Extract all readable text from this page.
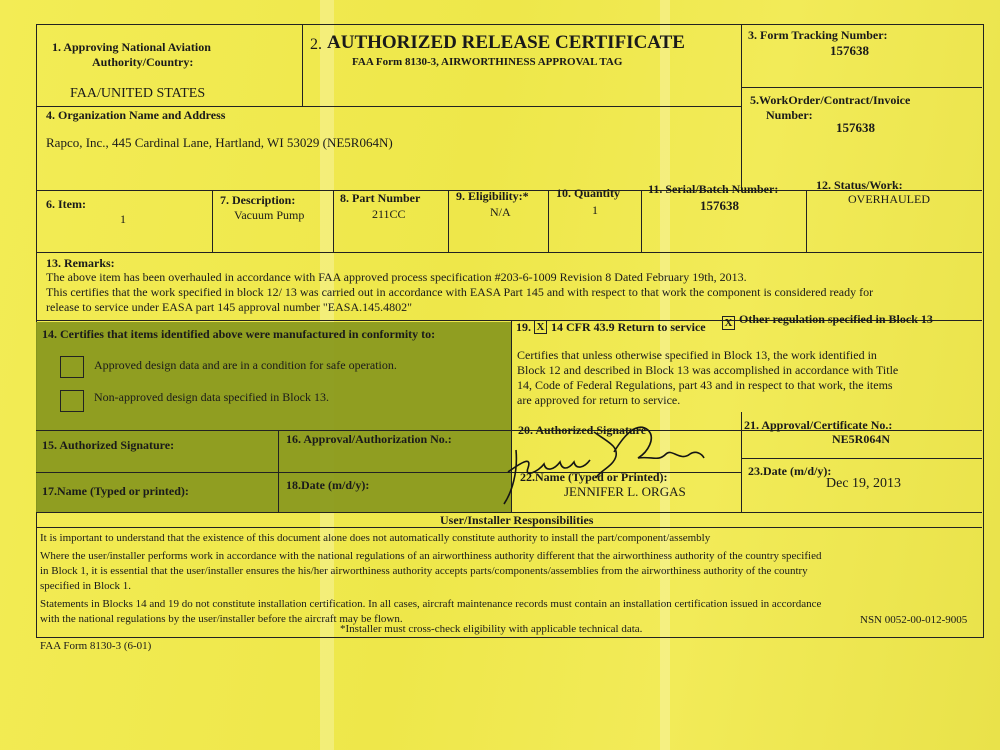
1. Approving National Aviation
Authority/Country:
FAA/UNITED STATES
2. AUTHORIZED RELEASE CERTIFICATE
FAA Form 8130-3, AIRWORTHINESS APPROVAL TAG
3. Form Tracking Number:
157638
4. Organization Name and Address
Rapco, Inc., 445 Cardinal Lane, Hartland, WI 53029 (NE5R064N)
5.WorkOrder/Contract/Invoice
Number:
157638
6. Item:
1
7. Description:
Vacuum Pump
8. Part Number
211CC
9. Eligibility:*
N/A
10. Quantity
1
11. Serial/Batch Number:
157638
12. Status/Work:
OVERHAULED
13. Remarks:
The above item has been overhauled in accordance with FAA approved process specification #203-6-1009 Revision 8 Dated February 19th, 2013.
This certifies that the work specified in block 12/ 13 was carried out in accordance with EASA Part 145 and with respect to that work the component is considered ready for
release to service under EASA part 145 approval number "EASA.145.4802"
14. Certifies that items identified above were manufactured in conformity to:
Approved design data and are in a condition for safe operation.
Non-approved design data specified in Block 13.
15. Authorized Signature:	16. Approval/Authorization No.:
17.Name (Typed or printed):	18.Date (m/d/y):
19. X 14 CFR 43.9 Return to service X Other regulation specified in Block 13
Certifies that unless otherwise specified in Block 13, the work identified in
Block 12 and described in Block 13 was accomplished in accordance with Title
14, Code of Federal Regulations, part 43 and in respect to that work, the items
are approved for return to service.
20. Authorized Signature	21. Approval/Certificate No.:
NE5R064N
22.Name (Typed or Printed):
JENNIFER L. ORGAS
23.Date (m/d/y):
Dec 19, 2013
User/Installer Responsibilities
It is important to understand that the existence of this document alone does not automatically constitute authority to install the part/component/assembly
Where the user/installer performs work in accordance with the national regulations of an airworthiness authority different that the airworthiness authority of the country specified
in Block 1, it is essential that the user/installer ensures the his/her airworthiness authority accepts parts/components/assemblies from the airworthiness authority of the country
specified in Block 1.
Statements in Blocks 14 and 19 do not constitute installation certification. In all cases, aircraft maintenance records must contain an installation certification issued in accordance
with the national regulations by the user/installer before the aircraft may be flown.
*Installer must cross-check eligibility with applicable technical data.
NSN 0052-00-012-9005
FAA Form 8130-3 (6-01)
